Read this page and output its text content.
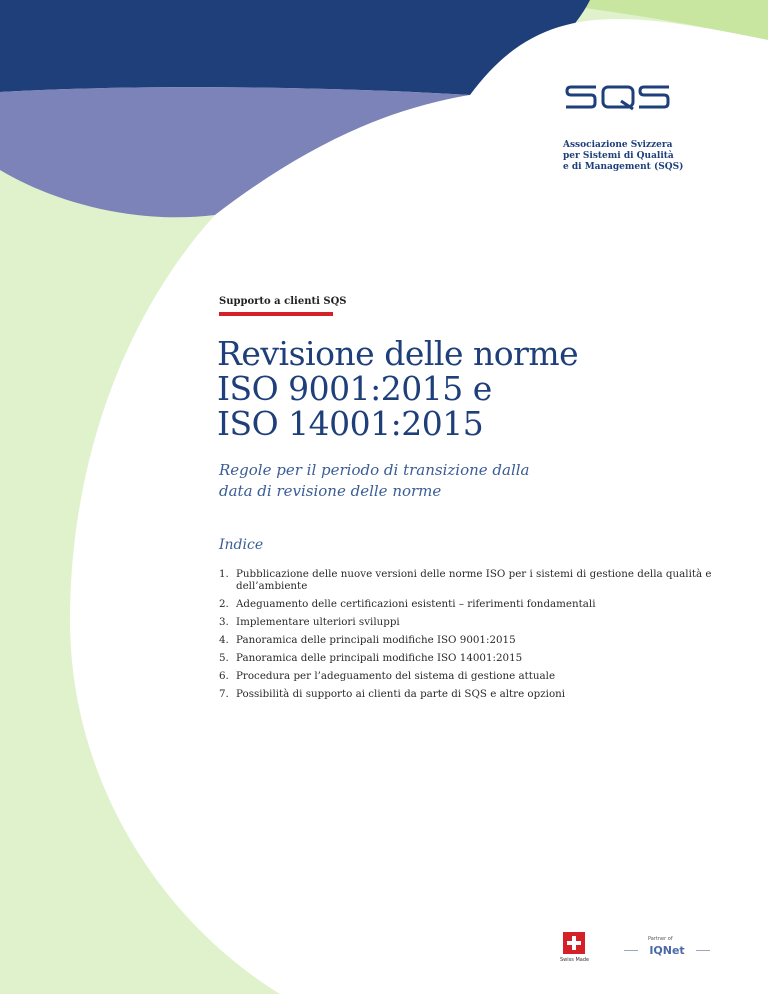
Associazione Svizzera
per Sistemi di Qualità
e di Management (SQS)
Supporto a clienti SQS
Revisione delle norme
ISO 9001:2015 e
ISO 14001:2015
Regole per il periodo di transizione dalla
data di revisione delle norme
Indice
1. Pubblicazione delle nuove versioni delle norme ISO per i sistemi di gestione della qualità e dell’ambiente
2. Adeguamento delle certificazioni esistenti – riferimenti fondamentali
3. Implementare ulteriori sviluppi
4. Panoramica delle principali modifiche ISO 9001:2015
5. Panoramica delle principali modifiche ISO 14001:2015
6. Procedura per l’adeguamento del sistema di gestione attuale
7. Possibilità di supporto ai clienti da parte di SQS e altre opzioni
Swiss Made
Partner of
IQNet
